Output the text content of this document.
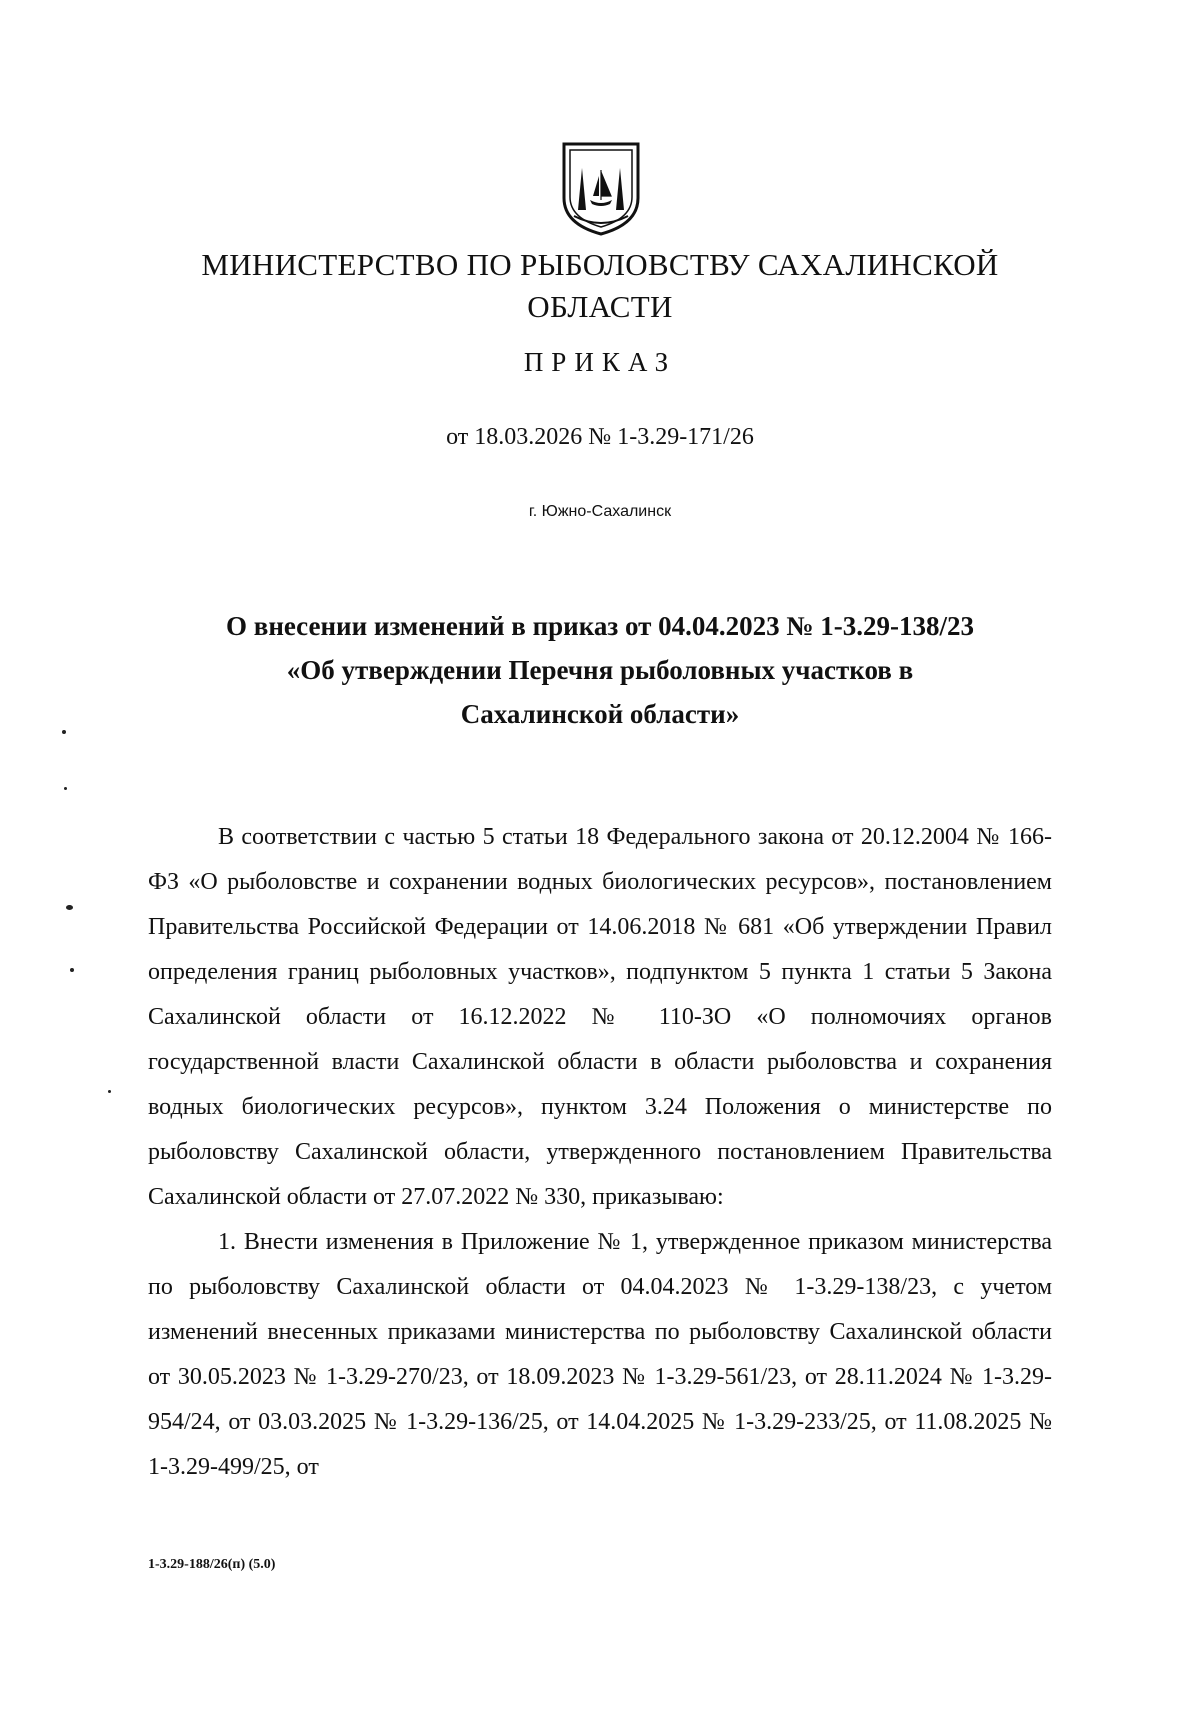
МИНИСТЕРСТВО ПО РЫБОЛОВСТВУ САХАЛИНСКОЙ
ОБЛАСТИ
ПРИКАЗ
от 18.03.2026 № 1-3.29-171/26
г. Южно-Сахалинск
О внесении изменений в приказ от 04.04.2023 № 1-3.29-138/23
«Об утверждении Перечня рыболовных участков в
Сахалинской области»

В соответствии с частью 5 статьи 18 Федерального закона от 20.12.2004 № 166-ФЗ «О рыболовстве и сохранении водных биологических ресурсов», постановлением Правительства Российской Федерации от 14.06.2018 № 681 «Об утверждении Правил определения границ рыболовных участков», подпунктом 5 пункта 1 статьи 5 Закона Сахалинской области от 16.12.2022 № 110-ЗО «О полномочиях органов государственной власти Сахалинской области в области рыболовства и сохранения водных биологических ресурсов», пунктом 3.24 Положения о министерстве по рыболовству Сахалинской области, утвержденного постановлением Правительства Сахалинской области от 27.07.2022 № 330, приказываю:

1. Внести изменения в Приложение № 1, утвержденное приказом министерства по рыболовству Сахалинской области от 04.04.2023 № 1-3.29-138/23, с учетом изменений внесенных приказами министерства по рыболовству Сахалинской области от 30.05.2023 № 1-3.29-270/23, от 18.09.2023 № 1-3.29-561/23, от 28.11.2024 № 1-3.29-954/24, от 03.03.2025 № 1-3.29-136/25, от 14.04.2025 № 1-3.29-233/25, от 11.08.2025 № 1-3.29-499/25, от

1-3.29-188/26(п) (5.0)
